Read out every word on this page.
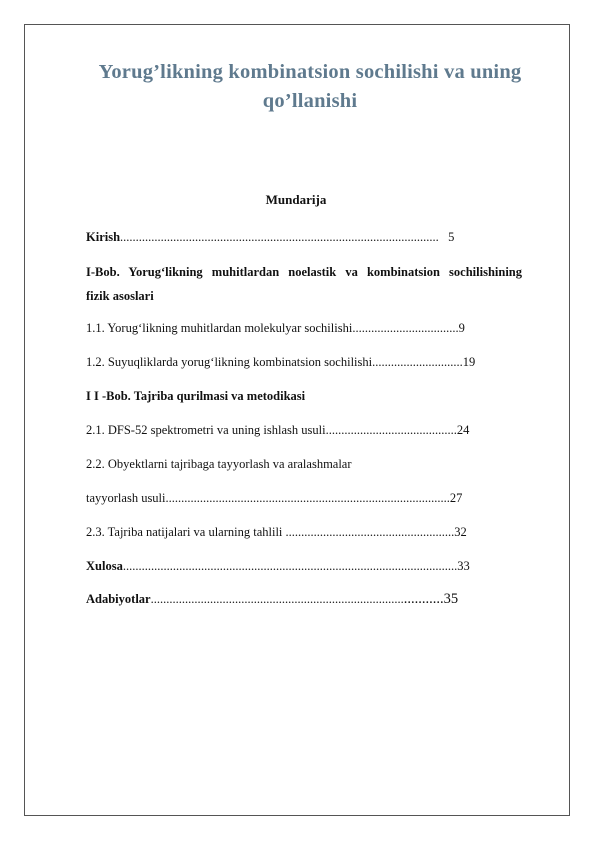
Yorug’likning kombinatsion sochilishi va uning
qo’llanishi
Mundarija
Kirish...................................................................................................... 5
I-Bob. Yorug‘likning muhitlardan noelastik va kombinatsion sochilishining
fizik asoslari
1.1. Yorug‘likning muhitlardan molekulyar sochilishi..................................9
1.2. Suyuqliklarda yorug‘likning kombinatsion sochilishi.............................19
I I -Bob. Tajriba qurilmasi va metodikasi
2.1. DFS-52 spektrometri va uning ishlash usuli..........................................24
2.2. Obyektlarni tajribaga tayyorlash va aralashmalar
tayyorlash usuli...........................................................................................27
2.3. Tajriba natijalari va ularning tahlili ......................................................32
Xulosa...........................................................................................................33
Adabiyotlar............................................................................................35
